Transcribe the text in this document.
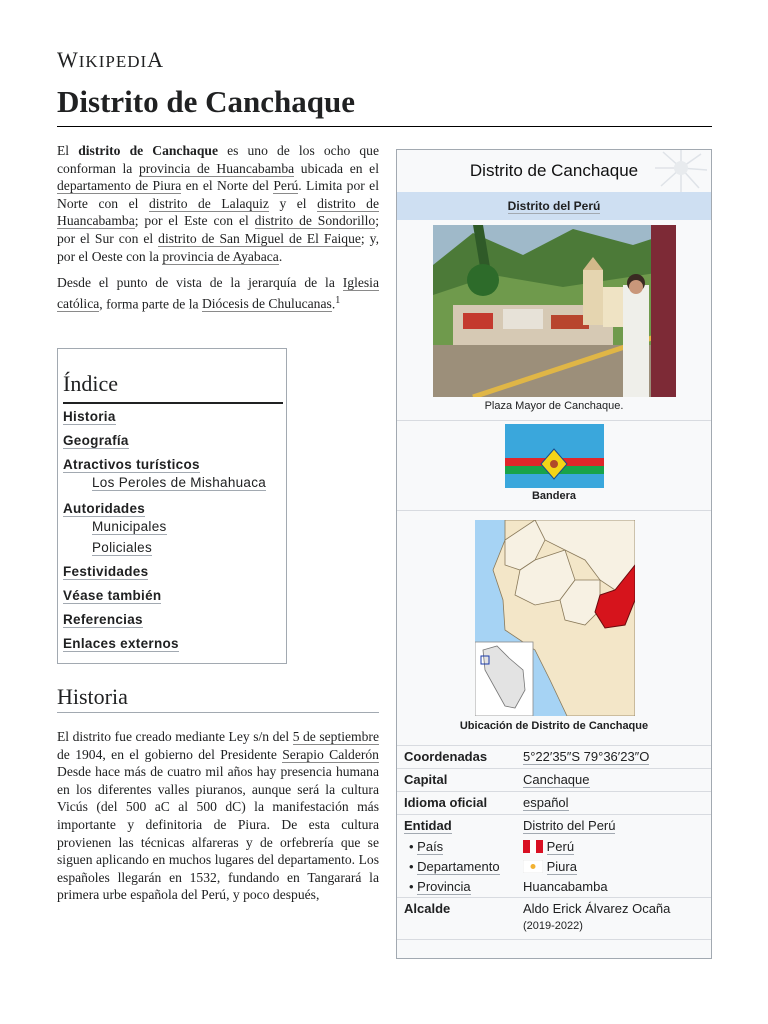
WIKIPEDIA
Distrito de Canchaque

El distrito de Canchaque es uno de los ocho que conforman la provincia de Huancabamba ubicada en el departamento de Piura en el Norte del Perú. Limita por el Norte con el distrito de Lalaquiz y el distrito de Huancabamba; por el Este con el distrito de Sondorillo; por el Sur con el distrito de San Miguel de El Faique; y, por el Oeste con la provincia de Ayabaca.

Desde el punto de vista de la jerarquía de la Iglesia católica, forma parte de la Diócesis de Chulucanas.$^1$

Índice
Historia
Geografía
Atractivos turísticos
Los Peroles de Mishahuaca
Autoridades
Municipales
Policiales
Festividades
Véase también
Referencias
Enlaces externos
Historia

El distrito fue creado mediante Ley s/n del 5 de septiembre de 1904, en el gobierno del Presidente Serapio Calderón Desde hace más de cuatro mil años hay presencia humana en los diferentes valles piuranos, aunque será la cultura Vicús (del 500 aC al 500 dC) la manifestación más importante y definitoria de Piura. De esta cultura provienen las técnicas alfareras y de orfebrería que se siguen aplicando en muchos lugares del departamento. Los españoles llegarán en 1532, fundando en Tangarará la primera urbe española del Perú, y poco después,

Distrito de Canchaque
Distrito del Perú
Plaza Mayor de Canchaque.
Bandera
Ubicación de Distrito de Canchaque
Coordenadas	5°22′35″S 79°36′23″O
Capital	Canchaque
Idioma oficial	español
Entidad	Distrito del Perú
• País	Perú
• Departamento	Piura
• Provincia	Huancabamba
Alcalde	Aldo Erick Álvarez Ocaña
(2019-2022)
